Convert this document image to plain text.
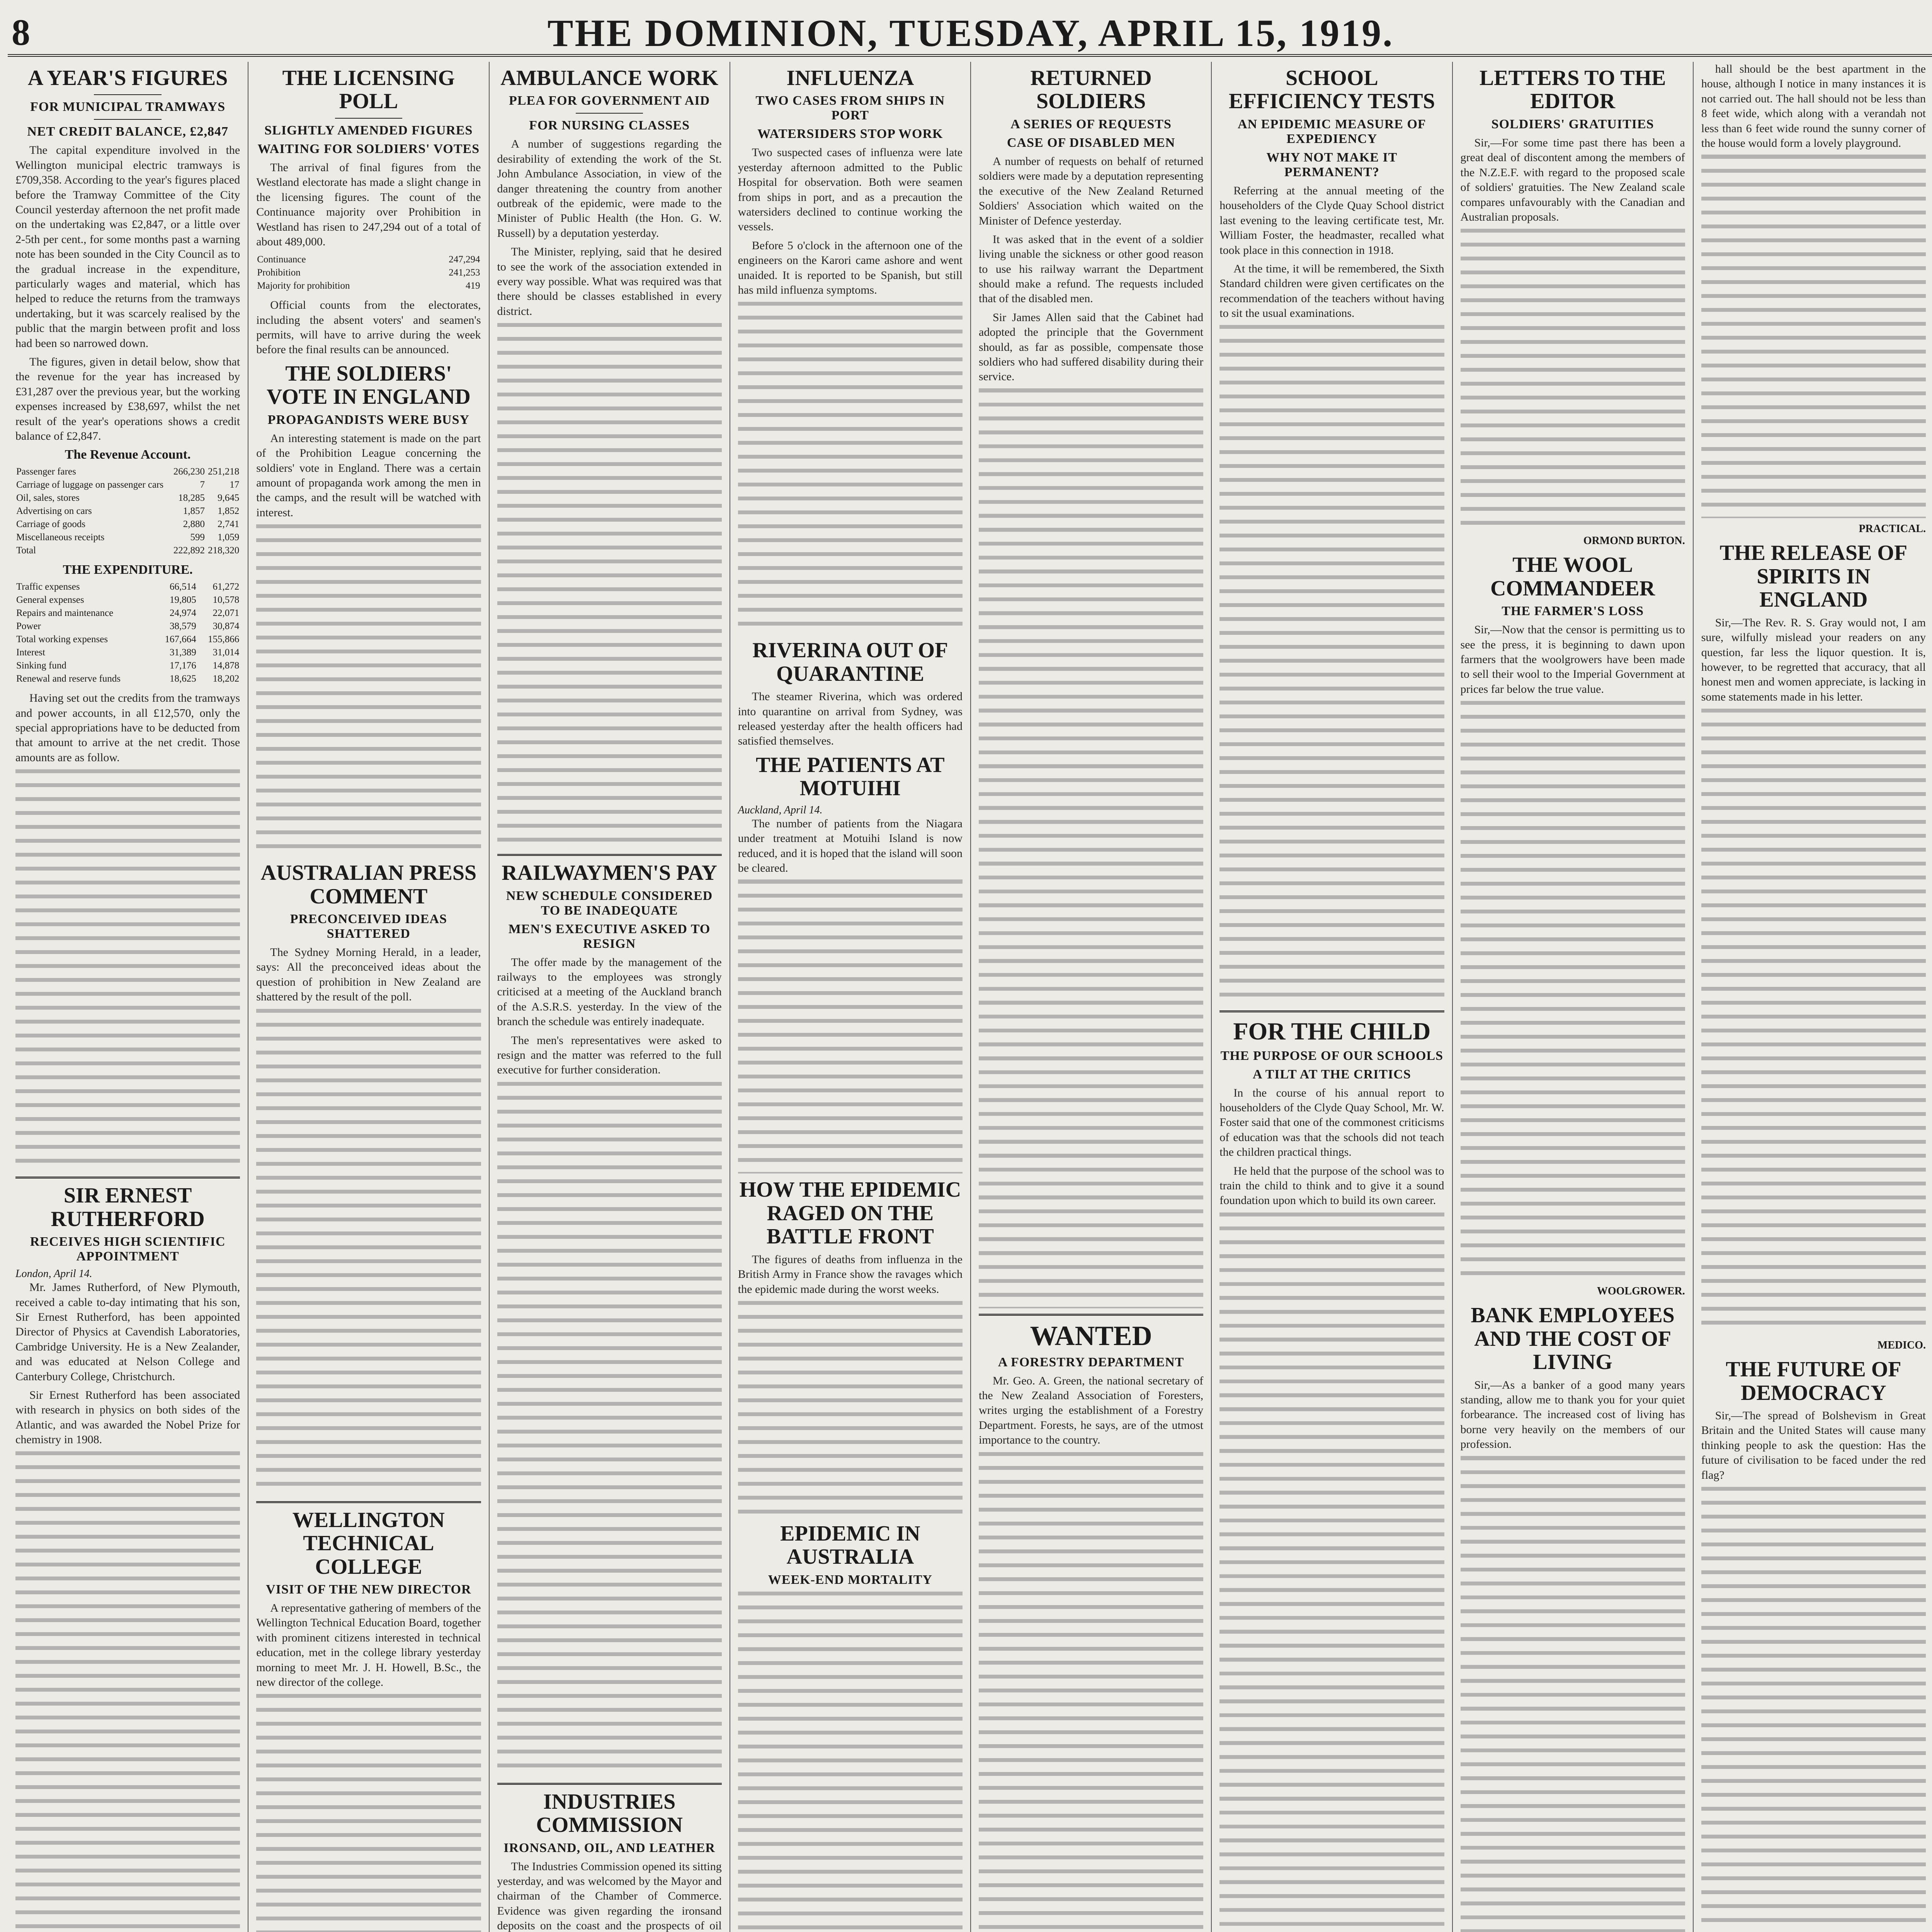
8	THE DOMINION, TUESDAY, APRIL 15, 1919.
A YEAR'S FIGURES
FOR MUNICIPAL TRAMWAYS
NET CREDIT BALANCE, £2,847

The capital expenditure involved in the Wellington municipal electric tramways is £709,358. According to the year's figures placed before the Tramway Committee of the City Council yesterday afternoon the net profit made on the undertaking was £2,847, or a little over 2-5th per cent., for some months past a warning note has been sounded in the City Council as to the gradual increase in the expenditure, particularly wages and material, which has helped to reduce the returns from the tramways undertaking, but it was scarcely realised by the public that the margin between profit and loss had been so narrowed down.

The figures, given in detail below, show that the revenue for the year has increased by £31,287 over the previous year, but the working expenses increased by £38,697, whilst the net result of the year's operations shows a credit balance of £2,847.

The Revenue Account.
Passenger fares	266,230	251,218
Carriage of luggage on passenger cars	7	17
Oil, sales, stores	18,285	9,645
Advertising on cars	1,857	1,852
Carriage of goods	2,880	2,741
Miscellaneous receipts	599	1,059
Total	222,892	218,320
THE EXPENDITURE.
Traffic expenses	66,514	61,272
General expenses	19,805	10,578
Repairs and maintenance	24,974	22,071
Power	38,579	30,874
Total working expenses	167,664	155,866
Interest	31,389	31,014
Sinking fund	17,176	14,878
Renewal and reserve funds	18,625	18,202

Having set out the credits from the tramways and power accounts, in all £12,570, only the special appropriations have to be deducted from that amount to arrive at the net credit. Those amounts are as follow.

SIR ERNEST RUTHERFORD
RECEIVES HIGH SCIENTIFIC APPOINTMENT
London, April 14.

Mr. James Rutherford, of New Plymouth, received a cable to-day intimating that his son, Sir Ernest Rutherford, has been appointed Director of Physics at Cavendish Laboratories, Cambridge University. He is a New Zealander, and was educated at Nelson College and Canterbury College, Christchurch.

Sir Ernest Rutherford has been associated with research in physics on both sides of the Atlantic, and was awarded the Nobel Prize for chemistry in 1908.

THE LICENSING POLL
SLIGHTLY AMENDED FIGURES
WAITING FOR SOLDIERS' VOTES

The arrival of final figures from the Westland electorate has made a slight change in the licensing figures. The count of the Continuance majority over Prohibition in Westland has risen to 247,294 out of a total of about 489,000.

Continuance	247,294
Prohibition	241,253
Majority for prohibition	419

Official counts from the electorates, including the absent voters' and seamen's permits, will have to arrive during the week before the final results can be announced.

THE SOLDIERS' VOTE IN ENGLAND
PROPAGANDISTS WERE BUSY

An interesting statement is made on the part of the Prohibition League concerning the soldiers' vote in England. There was a certain amount of propaganda work among the men in the camps, and the result will be watched with interest.

AUSTRALIAN PRESS COMMENT
PRECONCEIVED IDEAS SHATTERED

The Sydney Morning Herald, in a leader, says: All the preconceived ideas about the question of prohibition in New Zealand are shattered by the result of the poll.

WELLINGTON TECHNICAL COLLEGE
VISIT OF THE NEW DIRECTOR

A representative gathering of members of the Wellington Technical Education Board, together with prominent citizens interested in technical education, met in the college library yesterday morning to meet Mr. J. H. Howell, B.Sc., the new director of the college.

AMBULANCE WORK
PLEA FOR GOVERNMENT AID
FOR NURSING CLASSES

A number of suggestions regarding the desirability of extending the work of the St. John Ambulance Association, in view of the danger threatening the country from another outbreak of the epidemic, were made to the Minister of Public Health (the Hon. G. W. Russell) by a deputation yesterday.

The Minister, replying, said that he desired to see the work of the association extended in every way possible. What was required was that there should be classes established in every district.

RAILWAYMEN'S PAY
NEW SCHEDULE CONSIDERED TO BE INADEQUATE
MEN'S EXECUTIVE ASKED TO RESIGN

The offer made by the management of the railways to the employees was strongly criticised at a meeting of the Auckland branch of the A.S.R.S. yesterday. In the view of the branch the schedule was entirely inadequate.

The men's representatives were asked to resign and the matter was referred to the full executive for further consideration.

INDUSTRIES COMMISSION
IRONSAND, OIL, AND LEATHER

The Industries Commission opened its sitting yesterday, and was welcomed by the Mayor and chairman of the Chamber of Commerce. Evidence was given regarding the ironsand deposits on the coast and the prospects of oil

INFLUENZA
TWO CASES FROM SHIPS IN PORT
WATERSIDERS STOP WORK

Two suspected cases of influenza were late yesterday afternoon admitted to the Public Hospital for observation. Both were seamen from ships in port, and as a precaution the watersiders declined to continue working the vessels.

Before 5 o'clock in the afternoon one of the engineers on the Karori came ashore and went unaided. It is reported to be Spanish, but still has mild influenza symptoms.

RIVERINA OUT OF QUARANTINE

The steamer Riverina, which was ordered into quarantine on arrival from Sydney, was released yesterday after the health officers had satisfied themselves.

THE PATIENTS AT MOTUIHI
Auckland, April 14.

The number of patients from the Niagara under treatment at Motuihi Island is now reduced, and it is hoped that the island will soon be cleared.

HOW THE EPIDEMIC RAGED ON THE BATTLE FRONT

The figures of deaths from influenza in the British Army in France show the ravages which the epidemic made during the worst weeks.

EPIDEMIC IN AUSTRALIA
WEEK-END MORTALITY

RETURNED SOLDIERS
A SERIES OF REQUESTS
CASE OF DISABLED MEN

A number of requests on behalf of returned soldiers were made by a deputation representing the executive of the New Zealand Returned Soldiers' Association which waited on the Minister of Defence yesterday.

It was asked that in the event of a soldier living unable the sickness or other good reason to use his railway warrant the Department should make a refund. The requests included that of the disabled men.

Sir James Allen said that the Cabinet had adopted the principle that the Government should, as far as possible, compensate those soldiers who had suffered disability during their service.

WANTED
A FORESTRY DEPARTMENT

Mr. Geo. A. Green, the national secretary of the New Zealand Association of Foresters, writes urging the establishment of a Forestry Department. Forests, he says, are of the utmost importance to the country.

SCHOOL EFFICIENCY TESTS
AN EPIDEMIC MEASURE OF EXPEDIENCY
WHY NOT MAKE IT PERMANENT?

Referring at the annual meeting of the householders of the Clyde Quay School district last evening to the leaving certificate test, Mr. William Foster, the headmaster, recalled what took place in this connection in 1918.

At the time, it will be remembered, the Sixth Standard children were given certificates on the recommendation of the teachers without having to sit the usual examinations.

FOR THE CHILD
THE PURPOSE OF OUR SCHOOLS
A TILT AT THE CRITICS

In the course of his annual report to householders of the Clyde Quay School, Mr. W. Foster said that one of the commonest criticisms of education was that the schools did not teach the children practical things.

He held that the purpose of the school was to train the child to think and to give it a sound foundation upon which to build its own career.

LETTERS TO THE EDITOR
SOLDIERS' GRATUITIES

Sir,—For some time past there has been a great deal of discontent among the members of the N.Z.E.F. with regard to the proposed scale of soldiers' gratuities. The New Zealand scale compares unfavourably with the Canadian and Australian proposals.

ORMOND BURTON.
THE WOOL COMMANDEER
THE FARMER'S LOSS

Sir,—Now that the censor is permitting us to see the press, it is beginning to dawn upon farmers that the woolgrowers have been made to sell their wool to the Imperial Government at prices far below the true value.

WOOLGROWER.
BANK EMPLOYEES AND THE COST OF LIVING

Sir,—As a banker of a good many years standing, allow me to thank you for your quiet forbearance. The increased cost of living has borne very heavily on the members of our profession.

hall should be the best apartment in the house, although I notice in many instances it is not carried out. The hall should not be less than 8 feet wide, which along with a verandah not less than 6 feet wide round the sunny corner of the house would form a lovely playground.

PRACTICAL.
THE RELEASE OF SPIRITS IN ENGLAND

Sir,—The Rev. R. S. Gray would not, I am sure, wilfully mislead your readers on any question, far less the liquor question. It is, however, to be regretted that accuracy, that all honest men and women appreciate, is lacking in some statements made in his letter.

MEDICO.
THE FUTURE OF DEMOCRACY

Sir,—The spread of Bolshevism in Great Britain and the United States will cause many thinking people to ask the question: Has the future of civilisation to be faced under the red flag?
